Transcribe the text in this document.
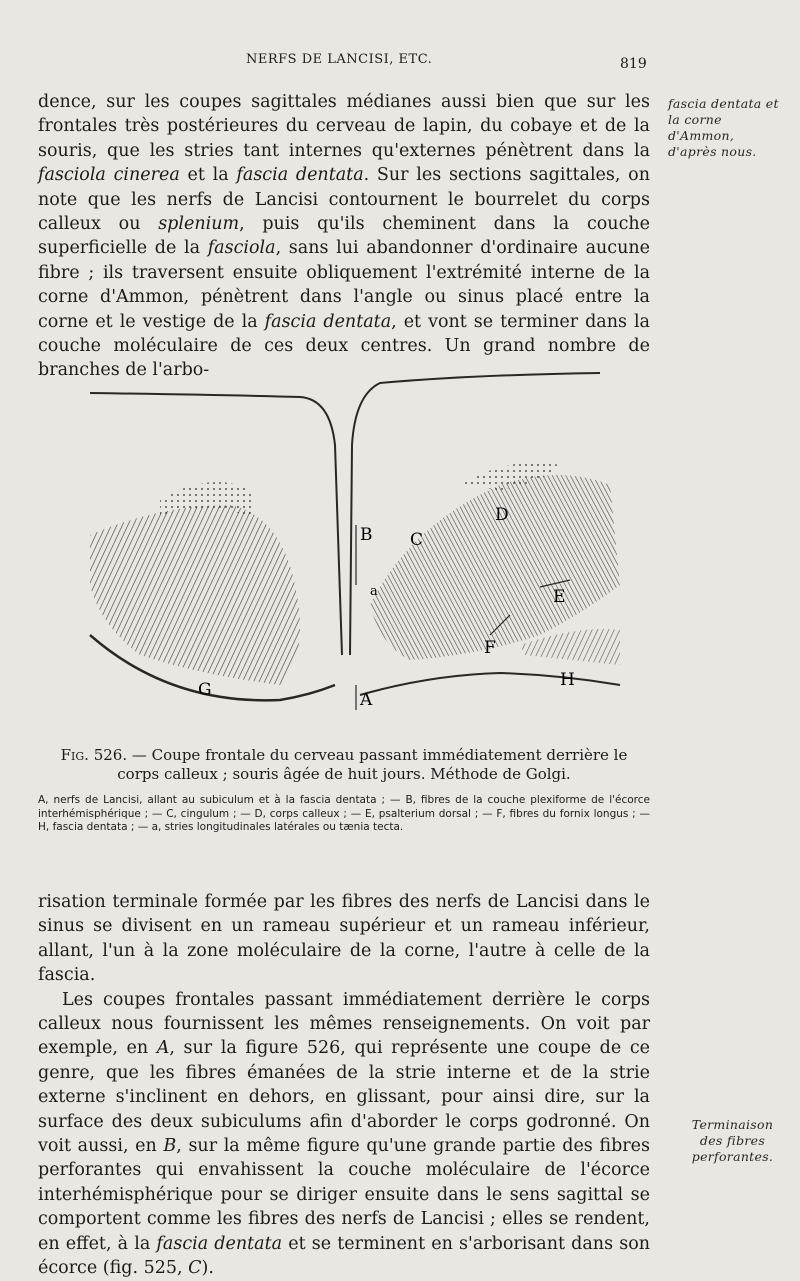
NERFS DE LANCISI, ETC.	819
fascia dentata et la corne d'Ammon, d'après nous.

dence, sur les coupes sagittales médianes aussi bien que sur les frontales très postérieures du cerveau de lapin, du cobaye et de la souris, que les stries tant internes qu'externes pénètrent dans la fasciola cinerea et la fascia dentata. Sur les sections sagittales, on note que les nerfs de Lancisi contournent le bourrelet du corps calleux ou splenium, puis qu'ils cheminent dans la couche superficielle de la fasciola, sans lui abandonner d'ordinaire aucune fibre ; ils traversent ensuite obliquement l'extrémité interne de la corne d'Ammon, pénètrent dans l'angle ou sinus placé entre la corne et le vestige de la fascia dentata, et vont se terminer dans la couche moléculaire de ces deux centres. Un grand nombre de branches de l'arbo-

B C
D
E
F
G	H
A
a
Fig. 526. — Coupe frontale du cerveau passant immédiatement derrière le corps calleux ; souris âgée de huit jours. Méthode de Golgi.
A, nerfs de Lancisi, allant au subiculum et à la fascia dentata ; — B, fibres de la couche plexiforme de l'écorce interhémisphérique ; — C, cingulum ; — D, corps calleux ; — E, psalterium dorsal ; — F, fibres du fornix longus ; — H, fascia dentata ; — a, stries longitudinales latérales ou tænia tecta.

risation terminale formée par les fibres des nerfs de Lancisi dans le sinus se divisent en un rameau supérieur et un rameau inférieur, allant, l'un à la zone moléculaire de la corne, l'autre à celle de la fascia.

Les coupes frontales passant immédiatement derrière le corps calleux nous fournissent les mêmes renseignements. On voit par exemple, en A, sur la figure 526, qui représente une coupe de ce genre, que les fibres émanées de la strie interne et de la strie externe s'inclinent en dehors, en glissant, pour ainsi dire, sur la surface des deux subiculums afin d'aborder le corps godronné. On voit aussi, en B, sur la même figure qu'une grande partie des fibres perforantes qui envahissent la couche moléculaire de l'écorce interhémisphérique pour se diriger ensuite dans le sens sagittal se comportent comme les fibres des nerfs de Lancisi ; elles se rendent, en effet, à la fascia dentata et se terminent en s'arborisant dans son écorce (fig. 525, C).

Terminaison des fibres perforantes.
